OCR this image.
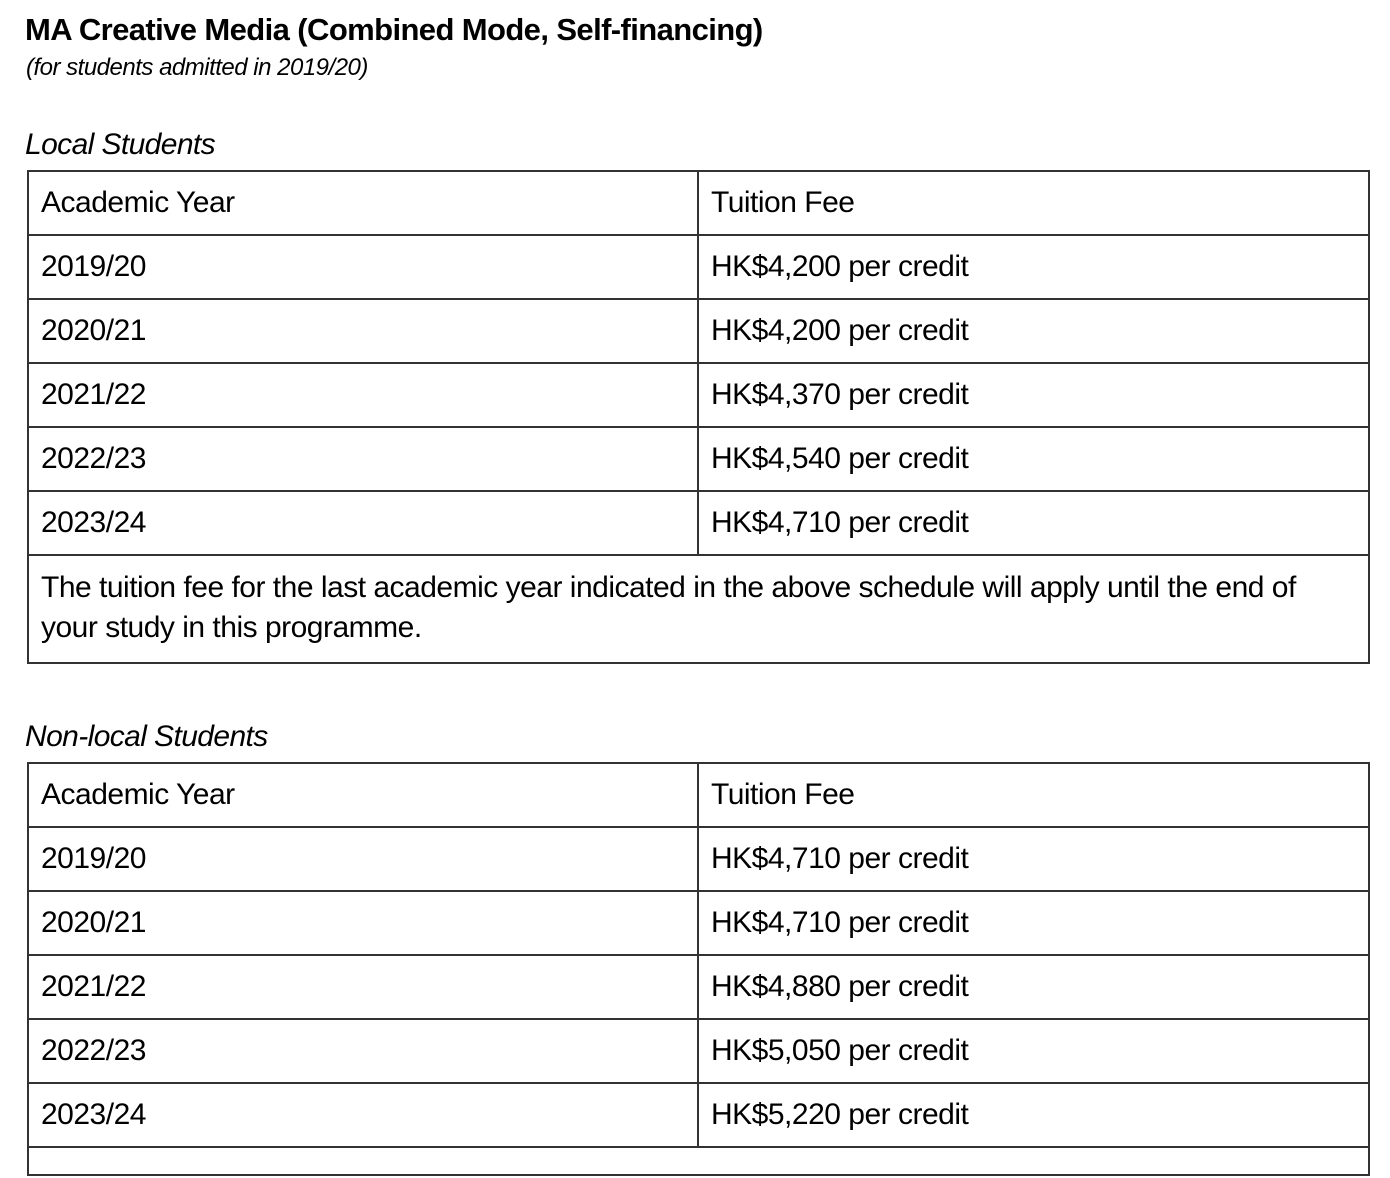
MA Creative Media (Combined Mode, Self-financing)
(for students admitted in 2019/20)
Local Students
Academic Year	Tuition Fee
2019/20	HK$4,200 per credit
2020/21	HK$4,200 per credit
2021/22	HK$4,370 per credit
2022/23	HK$4,540 per credit
2023/24	HK$4,710 per credit
The tuition fee for the last academic year indicated in the above schedule will apply until the end of your study in this programme.	
Non-local Students
Academic Year	Tuition Fee
2019/20	HK$4,710 per credit
2020/21	HK$4,710 per credit
2021/22	HK$4,880 per credit
2022/23	HK$5,050 per credit
2023/24	HK$5,220 per credit
